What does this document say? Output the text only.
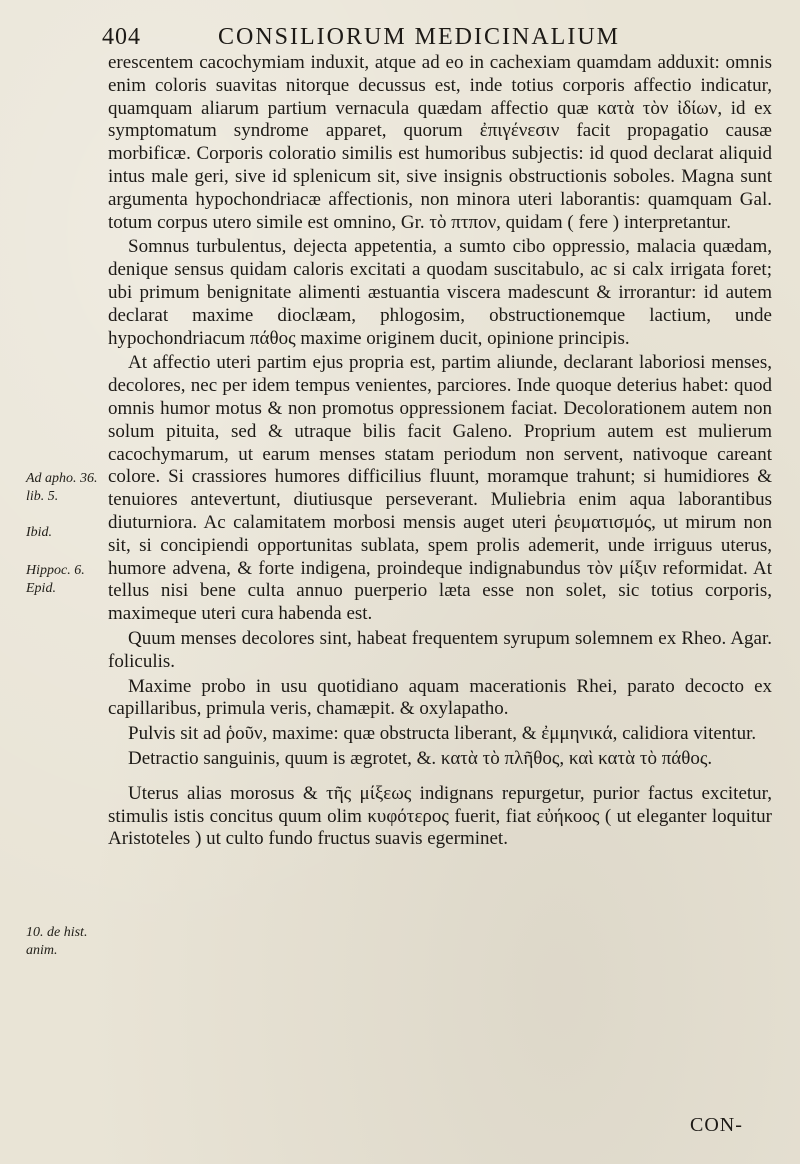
404	CONSILIORUM MEDICINALIUM

erescentem cacochymiam induxit, atque ad eo in cachexiam quamdam adduxit: omnis enim coloris suavitas nitorque decussus est, inde totius corporis affectio indicatur, quamquam aliarum partium vernacula quædam affectio quæ κατὰ τὸν ἰδίων, id ex symptomatum syndrome apparet, quorum ἐπιγένεσιν facit propagatio causæ morbificæ. Corporis coloratio similis est humoribus subjectis: id quod declarat aliquid intus male geri, sive id splenicum sit, sive insignis obstructionis soboles. Magna sunt argumenta hypochondriacæ affectionis, non minora uteri laborantis: quamquam Gal. totum corpus utero simile est omnino, Gr. τὸ πτπον, quidam ( fere ) interpretantur.

Somnus turbulentus, dejecta appetentia, a sumto cibo oppressio, malacia quædam, denique sensus quidam caloris excitati a quodam suscitabulo, ac si calx irrigata foret; ubi primum benignitate alimenti æstuantia viscera madescunt & irrorantur: id autem declarat maxime dioclæam, phlogosim, obstructionemque lactium, unde hypochondriacum πάθος maxime originem ducit, opinione principis.

At affectio uteri partim ejus propria est, partim aliunde, declarant laboriosi menses, decolores, nec per idem tempus venientes, parciores. Inde quoque deterius habet: quod omnis humor motus & non promotus oppressionem faciat. Decolorationem autem non solum pituita, sed & utraque bilis facit Galeno. Proprium autem est mulierum cacochymarum, ut earum menses statam periodum non servent, nativoque careant colore. Si crassiores humores difficilius fluunt, moramque trahunt; si humidiores & tenuiores antevertunt, diutiusque perseverant. Muliebria enim aqua laborantibus diuturniora. Ac calamitatem morbosi mensis auget uteri ῥευματισμός, ut mirum non sit, si concipiendi opportunitas sublata, spem prolis ademerit, unde irriguus uterus, humore advena, & forte indigena, proindeque indignabundus τὸν μίξιν reformidat. At tellus nisi bene culta annuo puerperio læta esse non solet, sic totius corporis, maximeque uteri cura habenda est.

Quum menses decolores sint, habeat frequentem syrupum solemnem ex Rheo. Agar. foliculis.

Maxime probo in usu quotidiano aquam macerationis Rhei, parato decocto ex capillaribus, primula veris, chamæpit. & oxylapatho.

Pulvis sit ad ῥοῦν, maxime: quæ obstructa liberant, & ἐμμηνικά, calidiora vitentur.

Detractio sanguinis, quum is ægrotet, &. κατὰ τὸ πλῆθος, καὶ κατὰ τὸ πάθος.

Uterus alias morosus & τῆς μίξεως indignans repurgetur, purior factus excitetur, stimulis istis concitus quum olim κυφότερος fuerit, fiat εὐήκοος ( ut eleganter loquitur Aristoteles ) ut culto fundo fructus suavis egerminet.

Ad apho. 36. lib. 5.
Ibid.
Hippoc. 6. Epid.
10. de hist. anim.
CON-
